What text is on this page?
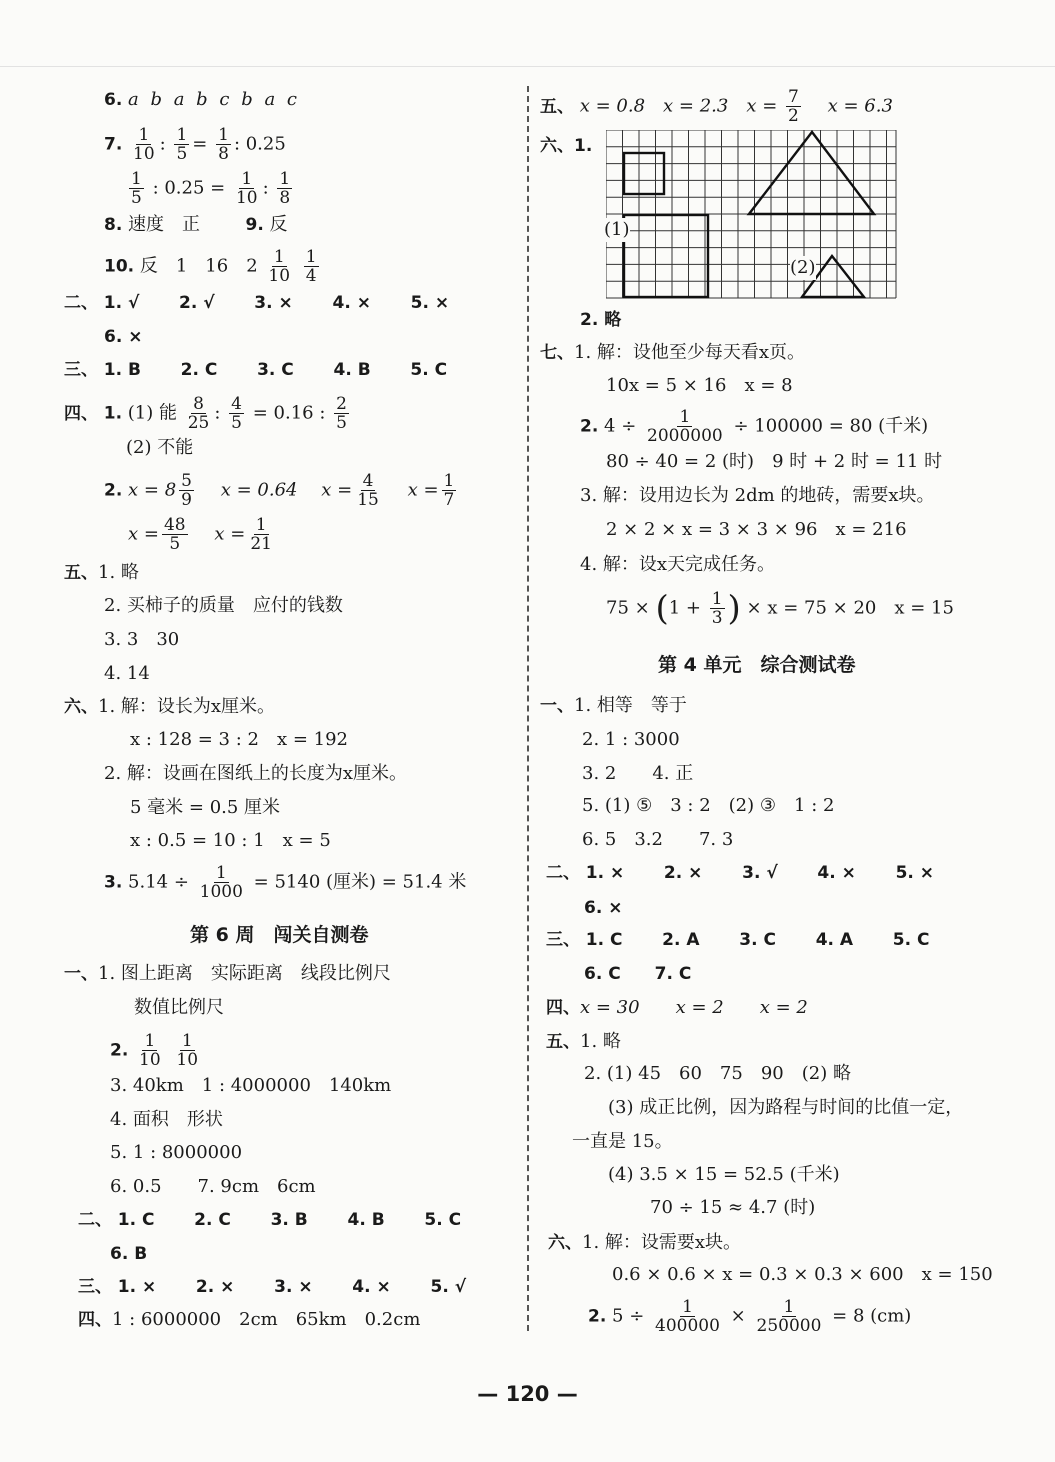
6. a b a b c b a c
7. $\frac{1}{10}$ : $\frac{1}{5} = \frac{1}{8}$ : 0.25
$\frac{1}{5}$ : $0.25 = \frac{1}{10}$ : $\frac{1}{8}$
8. 速度　正	9. 反
10. 反　1　16　$2 \frac{1}{10}$
$\frac{1}{4}$
二、 1. √ 2. √ 3. × 4. × 5. ×
6. ×
三、 1. B 2. C 3. C 4. B 5. C
四、 1. (1) 能 $\frac{8}{25}$ : $\frac{4}{5} = 0.16$ : $\frac{2}{5}$
(2) 不能
2. $x = 8 \frac{5}{9}$ x = 0.64 $x = \frac{4}{15}$ $x = \frac{1}{7}$
$x = \frac{48}{5}$ $x = \frac{1}{21}$
五、1. 略
2. 买柿子的质量　应付的钱数
3. 3　30
4. 14
六、1. 解：设长为x厘米。
x : 128 = 3 : 2　x = 192
2. 解：设画在图纸上的长度为x厘米。
5 毫米 = 0.5 厘米
x : 0.5 = 10 : 1　x = 5
3. $5.14 \div \frac{1}{1000} = 5140$ (厘米) = 51.4 米
第 6 周　闯关自测卷
一、1. 图上距离　实际距离　线段比例尺
数值比例尺
2. $\frac{1}{10}$
$\frac{1}{10}$
3. 40km　1 : 4000000　140km
4. 面积　形状
5. 1 : 8000000
6. 0.5　　7. 9cm　6cm
二、 1. C 2. C 3. B 4. B 5. C
6. B
三、 1. × 2. × 3. × 4. × 5. √
四、1 : 6000000　2cm　65km　0.2cm
五、 x = 0.8　x = 2.3　$x = \frac{7}{2}$ x = 6.3
六、1.
(1)
(2)
2. 略
七、1. 解：设他至少每天看x页。
10x = 5 × 16　x = 8
2. $4 \div \frac{1}{2000000} \div 100000 = 80$ (千米)
80 ÷ 40 = 2 (时)　9 时 + 2 时 = 11 时
3. 解：设用边长为 2dm 的地砖，需要x块。
2 × 2 × x = 3 × 3 × 96　x = 216
4. 解：设x天完成任务。
$75 \times (1 + \frac{1}{3}$ ) × x = 75 × 20　x = 15
第 4 单元　综合测试卷
一、1. 相等　等于
2. 1 : 3000
3. 2　　4. 正
5. (1) ⑤　3 : 2　(2) ③　1 : 2
6. 5　3.2　　7. 3
二、 1. × 2. × 3. √ 4. × 5. ×
6. ×
三、 1. C 2. A 3. C 4. A 5. C
6. C　　7. C
四、x = 30　　x = 2　　x = 2
五、1. 略
2. (1) 45　60　75　90　(2) 略
(3) 成正比例，因为路程与时间的比值一定，
一直是 15。
(4) 3.5 × 15 = 52.5 (千米)
70 ÷ 15 ≈ 4.7 (时)
六、1. 解：设需要x块。
0.6 × 0.6 × x = 0.3 × 0.3 × 600　x = 150
2. $5 \div \frac{1}{400000} \times \frac{1}{250000} = 8$ (cm)
— 120 —
